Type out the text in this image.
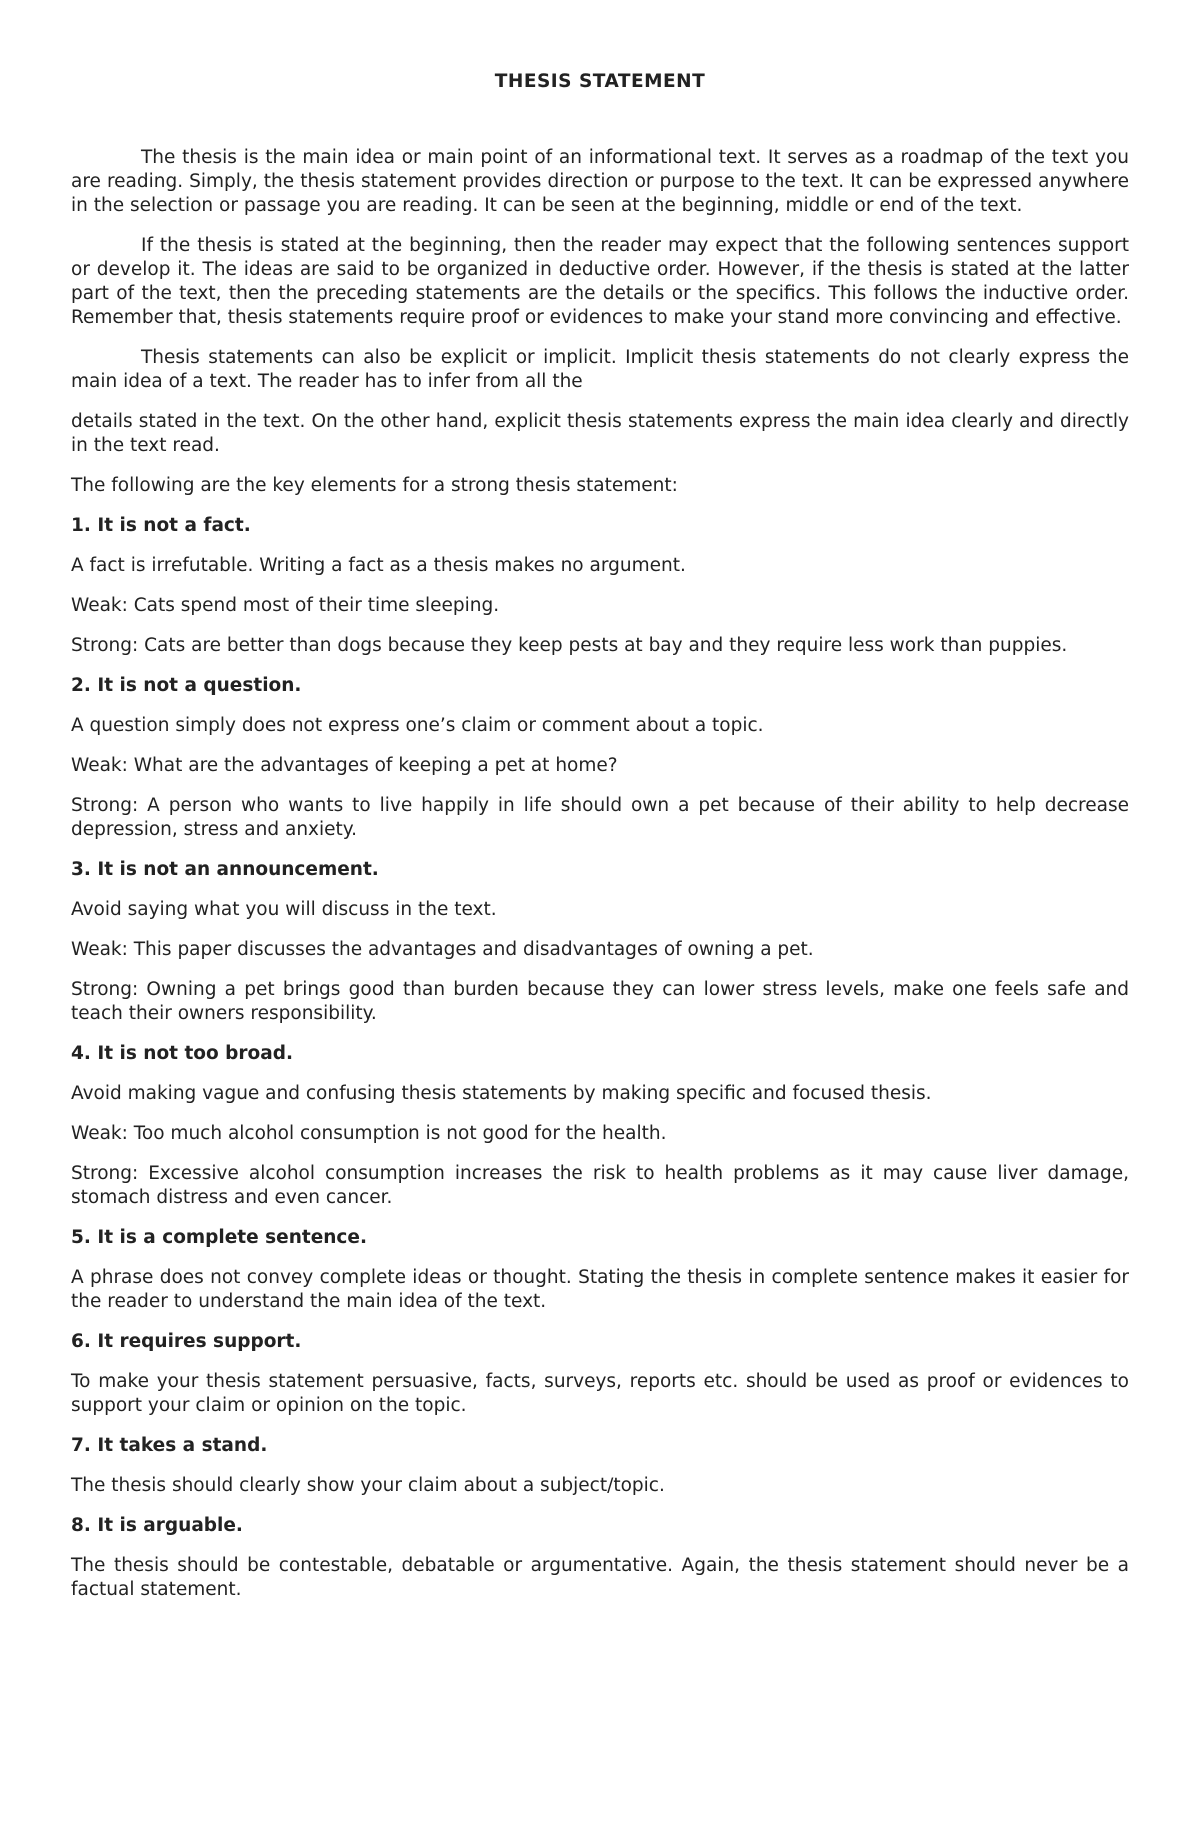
THESIS STATEMENT

The thesis is the main idea or main point of an informational text. It serves as a roadmap of the text you are reading. Simply, the thesis statement provides direction or purpose to the text. It can be expressed anywhere in the selection or passage you are reading. It can be seen at the beginning, middle or end of the text.

If the thesis is stated at the beginning, then the reader may expect that the following sentences support or develop it. The ideas are said to be organized in deductive order. However, if the thesis is stated at the latter part of the text, then the preceding statements are the details or the specifics. This follows the inductive order. Remember that, thesis statements require proof or evidences to make your stand more convincing and effective.

Thesis statements can also be explicit or implicit. Implicit thesis statements do not clearly express the main idea of a text. The reader has to infer from all the

details stated in the text. On the other hand, explicit thesis statements express the main idea clearly and directly in the text read.

The following are the key elements for a strong thesis statement:

1. It is not a fact.

A fact is irrefutable. Writing a fact as a thesis makes no argument.

Weak: Cats spend most of their time sleeping.

Strong: Cats are better than dogs because they keep pests at bay and they require less work than puppies.

2. It is not a question.

A question simply does not express one’s claim or comment about a topic.

Weak: What are the advantages of keeping a pet at home?

Strong: A person who wants to live happily in life should own a pet because of their ability to help decrease depression, stress and anxiety.

3. It is not an announcement.

Avoid saying what you will discuss in the text.

Weak: This paper discusses the advantages and disadvantages of owning a pet.

Strong: Owning a pet brings good than burden because they can lower stress levels, make one feels safe and teach their owners responsibility.

4. It is not too broad.

Avoid making vague and confusing thesis statements by making specific and focused thesis.

Weak: Too much alcohol consumption is not good for the health.

Strong: Excessive alcohol consumption increases the risk to health problems as it may cause liver damage, stomach distress and even cancer.

5. It is a complete sentence.

A phrase does not convey complete ideas or thought. Stating the thesis in complete sentence makes it easier for the reader to understand the main idea of the text.

6. It requires support.

To make your thesis statement persuasive, facts, surveys, reports etc. should be used as proof or evidences to support your claim or opinion on the topic.

7. It takes a stand.

The thesis should clearly show your claim about a subject/topic.

8. It is arguable.

The thesis should be contestable, debatable or argumentative. Again, the thesis statement should never be a factual statement.
